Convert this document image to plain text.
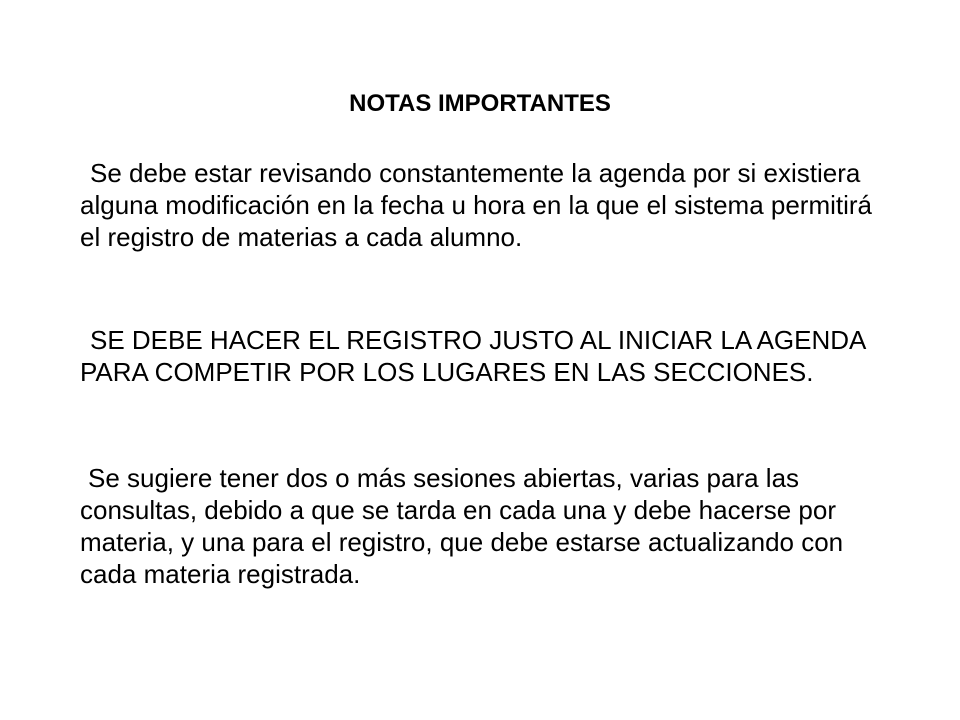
NOTAS IMPORTANTES

Se debe estar revisando constantemente la agenda por si existiera alguna modificación en la fecha u hora en la que el sistema permitirá el registro de materias a cada alumno.

SE DEBE HACER EL REGISTRO JUSTO AL INICIAR LA AGENDA PARA COMPETIR POR LOS LUGARES EN LAS SECCIONES.

Se sugiere tener dos o más sesiones abiertas, varias para las consultas, debido a que se tarda en cada una y debe hacerse por materia, y una para el registro, que debe estarse actualizando con cada materia registrada.
